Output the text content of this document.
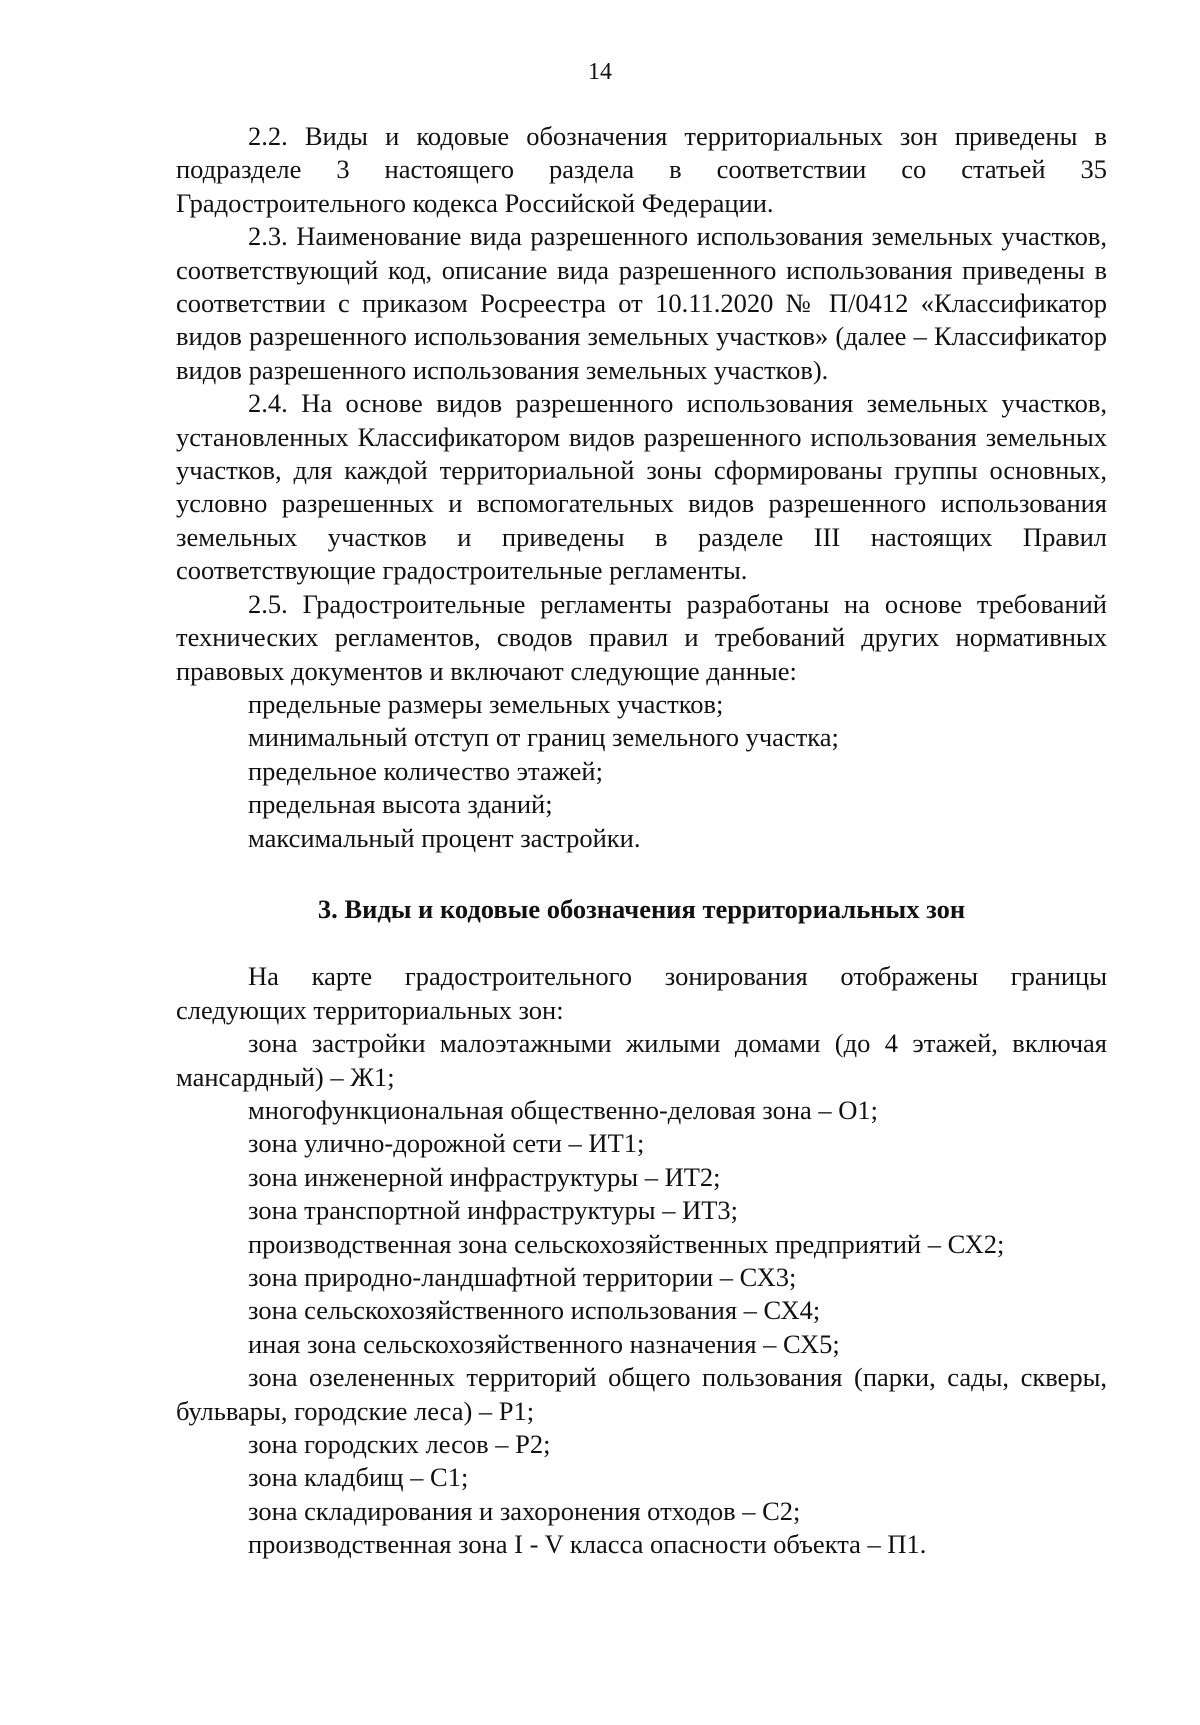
14

2.2. Виды и кодовые обозначения территориальных зон приведены в подразделе 3 настоящего раздела в соответствии со статьей 35 Градостроительного кодекса Российской Федерации.

2.3. Наименование вида разрешенного использования земельных участков, соответствующий код, описание вида разрешенного использования приведены в соответствии с приказом Росреестра от 10.11.2020 № П/0412 «Классификатор видов разрешенного использования земельных участков» (далее – Классификатор видов разрешенного использования земельных участков).

2.4. На основе видов разрешенного использования земельных участков, установленных Классификатором видов разрешенного использования земельных участков, для каждой территориальной зоны сформированы группы основных, условно разрешенных и вспомогательных видов разрешенного использования земельных участков и приведены в разделе III настоящих Правил соответствующие градостроительные регламенты.

2.5. Градостроительные регламенты разработаны на основе требований технических регламентов, сводов правил и требований других нормативных правовых документов и включают следующие данные:

предельные размеры земельных участков;

минимальный отступ от границ земельного участка;

предельное количество этажей;

предельная высота зданий;

максимальный процент застройки.

3. Виды и кодовые обозначения территориальных зон

На карте градостроительного зонирования отображены границы следующих территориальных зон:

зона застройки малоэтажными жилыми домами (до 4 этажей, включая мансардный) – Ж1;

многофункциональная общественно-деловая зона – О1;

зона улично-дорожной сети – ИТ1;

зона инженерной инфраструктуры – ИТ2;

зона транспортной инфраструктуры – ИТ3;

производственная зона сельскохозяйственных предприятий – СХ2;

зона природно-ландшафтной территории – СХ3;

зона сельскохозяйственного использования – СХ4;

иная зона сельскохозяйственного назначения – СХ5;

зона озелененных территорий общего пользования (парки, сады, скверы, бульвары, городские леса) – Р1;

зона городских лесов – Р2;

зона кладбищ – С1;

зона складирования и захоронения отходов – С2;

производственная зона I - V класса опасности объекта – П1.
